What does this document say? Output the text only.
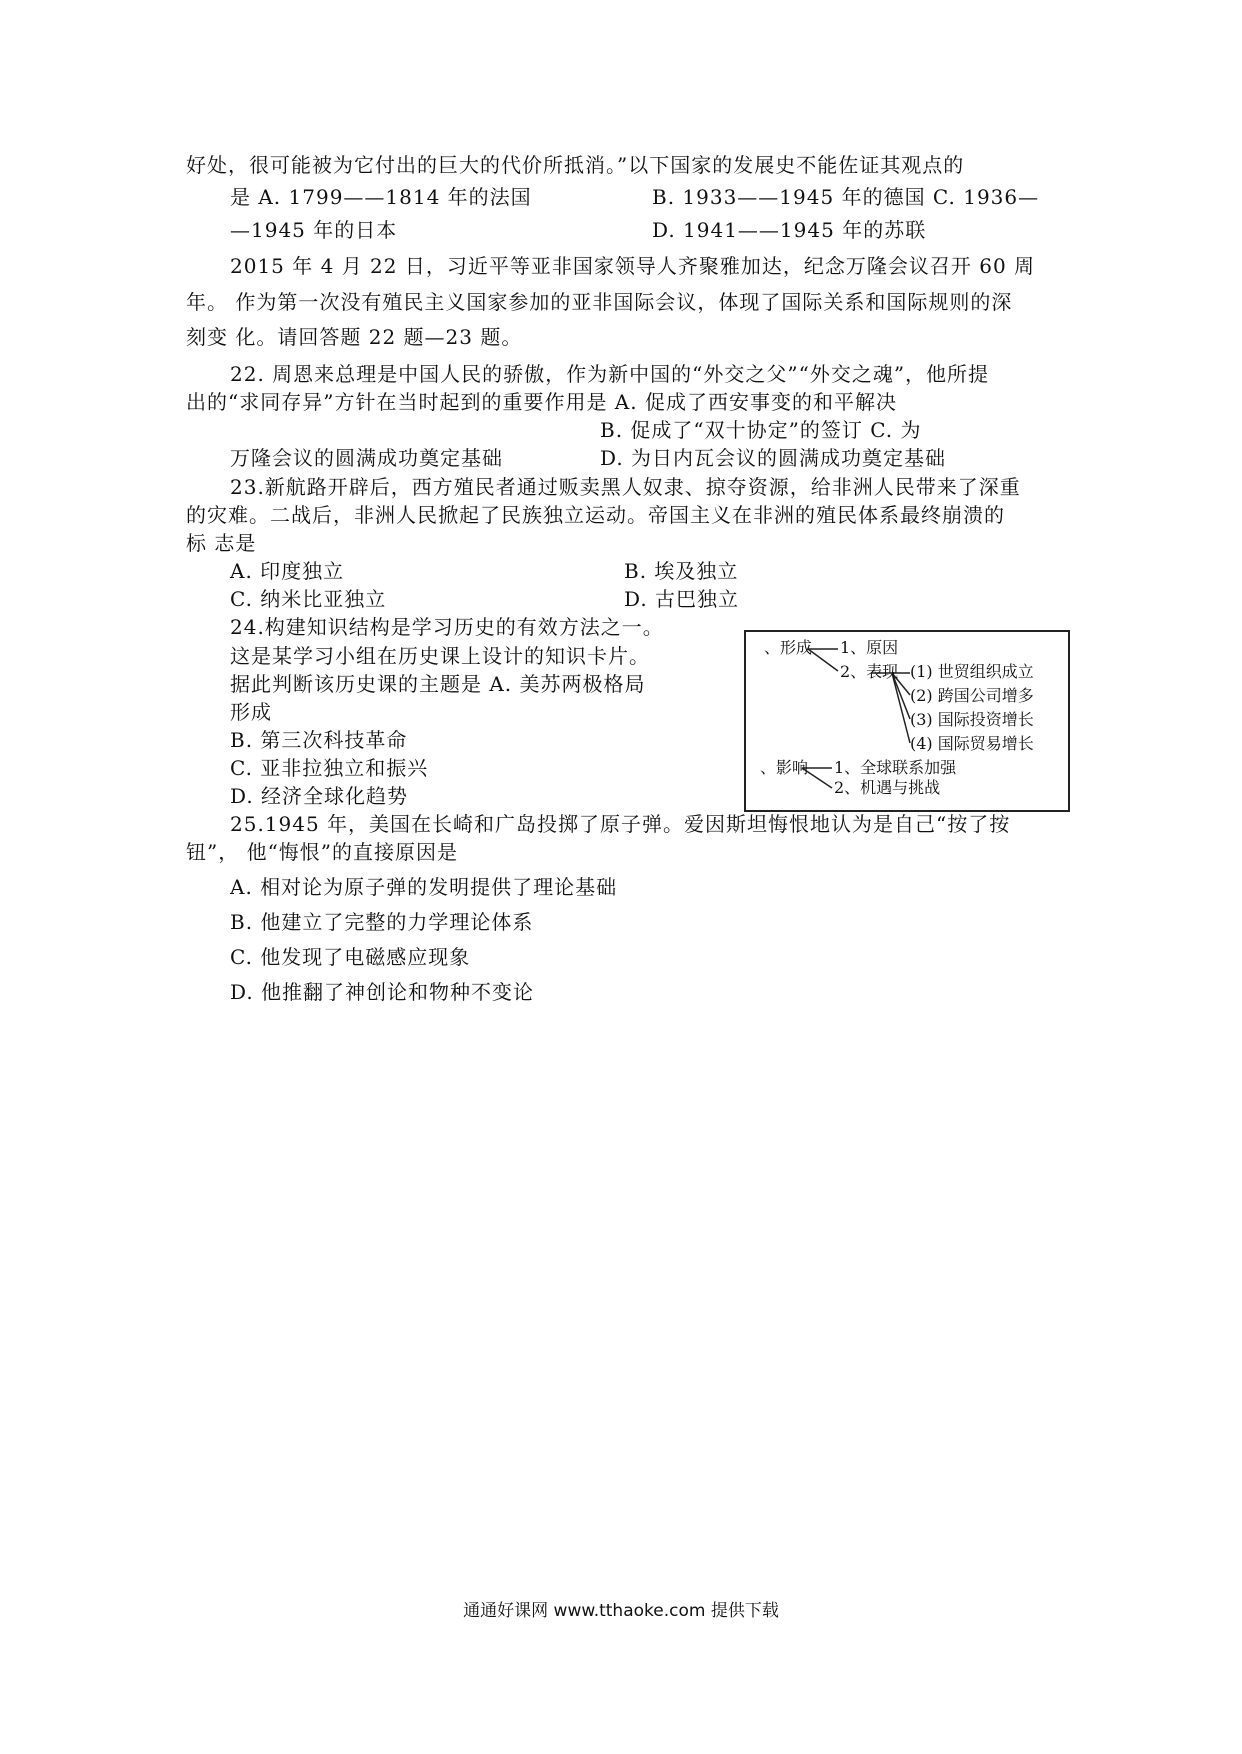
好处，很可能被为它付出的巨大的代价所抵消。”以下国家的发展史不能佐证其观点的
是 A. 1799——1814 年的法国	B. 1933——1945 年的德国 C. 1936—
—1945 年的日本	D. 1941——1945 年的苏联
2015 年 4 月 22 日，习近平等亚非国家领导人齐聚雅加达，纪念万隆会议召开 60 周
年。 作为第一次没有殖民主义国家参加的亚非国际会议，体现了国际关系和国际规则的深
刻变 化。请回答题 22 题—23 题。
22. 周恩来总理是中国人民的骄傲，作为新中国的“外交之父”“外交之魂”，他所提
出的“求同存异”方针在当时起到的重要作用是 A. 促成了西安事变的和平解决
B. 促成了“双十协定”的签订 C. 为
万隆会议的圆满成功奠定基础	D. 为日内瓦会议的圆满成功奠定基础
23.新航路开辟后，西方殖民者通过贩卖黑人奴隶、掠夺资源，给非洲人民带来了深重
的灾难。二战后，非洲人民掀起了民族独立运动。帝国主义在非洲的殖民体系最终崩溃的
标 志是
A. 印度独立	B. 埃及独立
C. 纳米比亚独立	D. 古巴独立
24.构建知识结构是学习历史的有效方法之一。
这是某学习小组在历史课上设计的知识卡片。
据此判断该历史课的主题是 A. 美苏两极格局
形成
B. 第三次科技革命
C. 亚非拉独立和振兴
D. 经济全球化趋势
、形成 1、原因
2、表现 (1) 世贸组织成立
(2) 跨国公司增多
(3) 国际投资增长
(4) 国际贸易增长
、影响 1、全球联系加强
2、机遇与挑战
25.1945 年，美国在长崎和广岛投掷了原子弹。爱因斯坦悔恨地认为是自己“按了按
钮”， 他“悔恨”的直接原因是
A. 相对论为原子弹的发明提供了理论基础
B. 他建立了完整的力学理论体系
C. 他发现了电磁感应现象
D. 他推翻了神创论和物种不变论
通通好课网 www.tthaoke.com 提供下载
